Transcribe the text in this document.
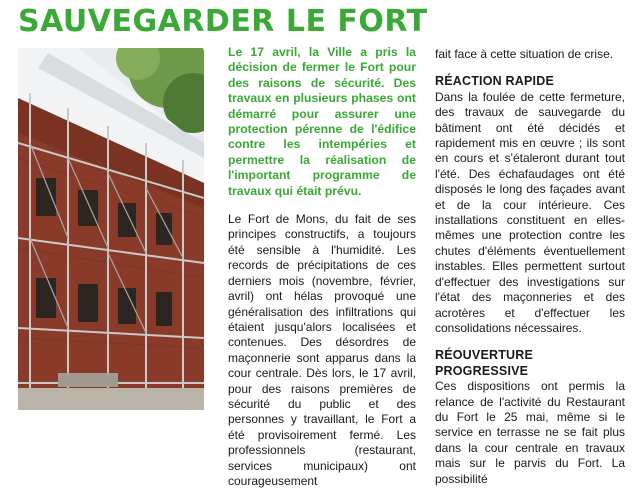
SAUVEGARDER LE FORT

Le 17 avril, la Ville a pris la décision de fermer le Fort pour des raisons de sécurité. Des travaux en plusieurs phases ont démarré pour assurer une protection pérenne de l'édifice contre les intempéries et permettre la réalisation de l'important programme de travaux qui était prévu.

Le Fort de Mons, du fait de ses principes constructifs, a toujours été sensible à l'humidité. Les records de précipitations de ces derniers mois (novembre, février, avril) ont hélas provoqué une généralisation des infiltrations qui étaient jusqu'alors localisées et contenues. Des désordres de maçonnerie sont apparus dans la cour centrale. Dès lors, le 17 avril, pour des raisons premières de sécurité du public et des personnes y travaillant, le Fort a été provisoirement fermé. Les professionnels (restaurant, services municipaux) ont courageusement

fait face à cette situation de crise.

RÉACTION RAPIDE

Dans la foulée de cette fermeture, des travaux de sauvegarde du bâtiment ont été décidés et rapidement mis en œuvre ; ils sont en cours et s'étaleront durant tout l'été. Des échafaudages ont été disposés le long des façades avant et de la cour intérieure. Ces installations constituent en elles-mêmes une protection contre les chutes d'éléments éventuellement instables. Elles permettent surtout d'effectuer des investigations sur l'état des maçonneries et des acrotères et d'effectuer les consolidations nécessaires.

RÉOUVERTURE PROGRESSIVE

Ces dispositions ont permis la relance de l'activité du Restaurant du Fort le 25 mai, même si le service en terrasse ne se fait plus dans la cour centrale en travaux mais sur le parvis du Fort. La possibilité
